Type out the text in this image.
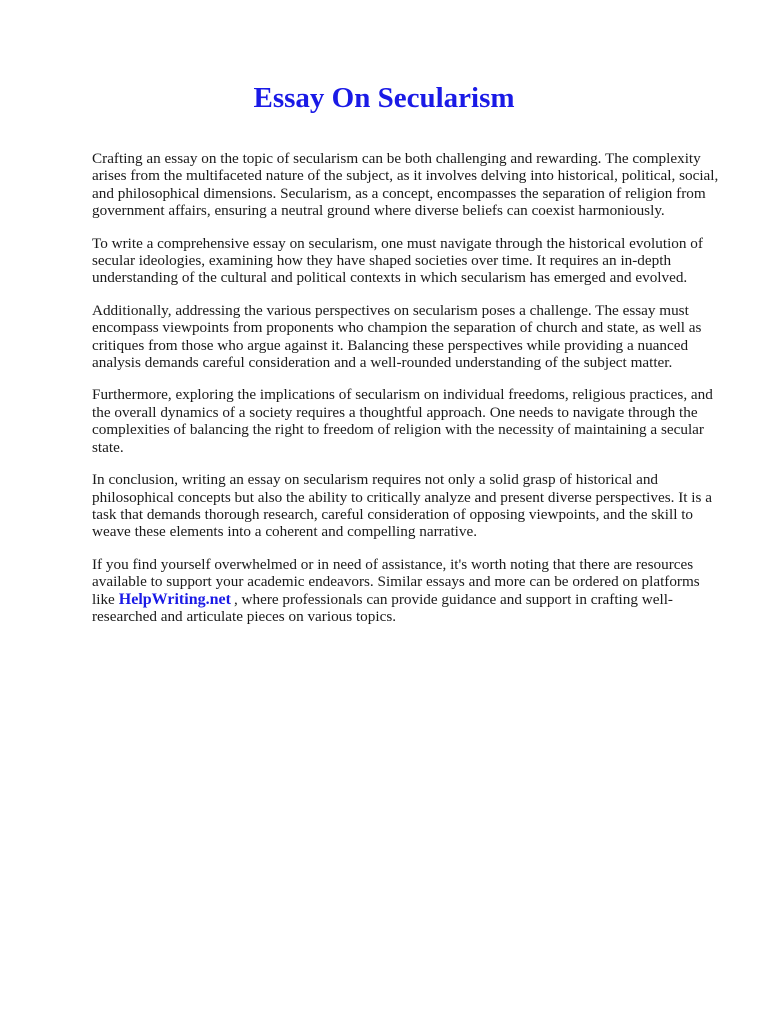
Essay On Secularism

Crafting an essay on the topic of secularism can be both challenging and rewarding. The complexity arises from the multifaceted nature of the subject, as it involves delving into historical, political, social, and philosophical dimensions. Secularism, as a concept, encompasses the separation of religion from government affairs, ensuring a neutral ground where diverse beliefs can coexist harmoniously.

To write a comprehensive essay on secularism, one must navigate through the historical evolution of secular ideologies, examining how they have shaped societies over time. It requires an in-depth understanding of the cultural and political contexts in which secularism has emerged and evolved.

Additionally, addressing the various perspectives on secularism poses a challenge. The essay must encompass viewpoints from proponents who champion the separation of church and state, as well as critiques from those who argue against it. Balancing these perspectives while providing a nuanced analysis demands careful consideration and a well-rounded understanding of the subject matter.

Furthermore, exploring the implications of secularism on individual freedoms, religious practices, and the overall dynamics of a society requires a thoughtful approach. One needs to navigate through the complexities of balancing the right to freedom of religion with the necessity of maintaining a secular state.

In conclusion, writing an essay on secularism requires not only a solid grasp of historical and philosophical concepts but also the ability to critically analyze and present diverse perspectives. It is a task that demands thorough research, careful consideration of opposing viewpoints, and the skill to weave these elements into a coherent and compelling narrative.

If you find yourself overwhelmed or in need of assistance, it's worth noting that there are resources available to support your academic endeavors. Similar essays and more can be ordered on platforms like HelpWriting.net , where professionals can provide guidance and support in crafting well-researched and articulate pieces on various topics.
